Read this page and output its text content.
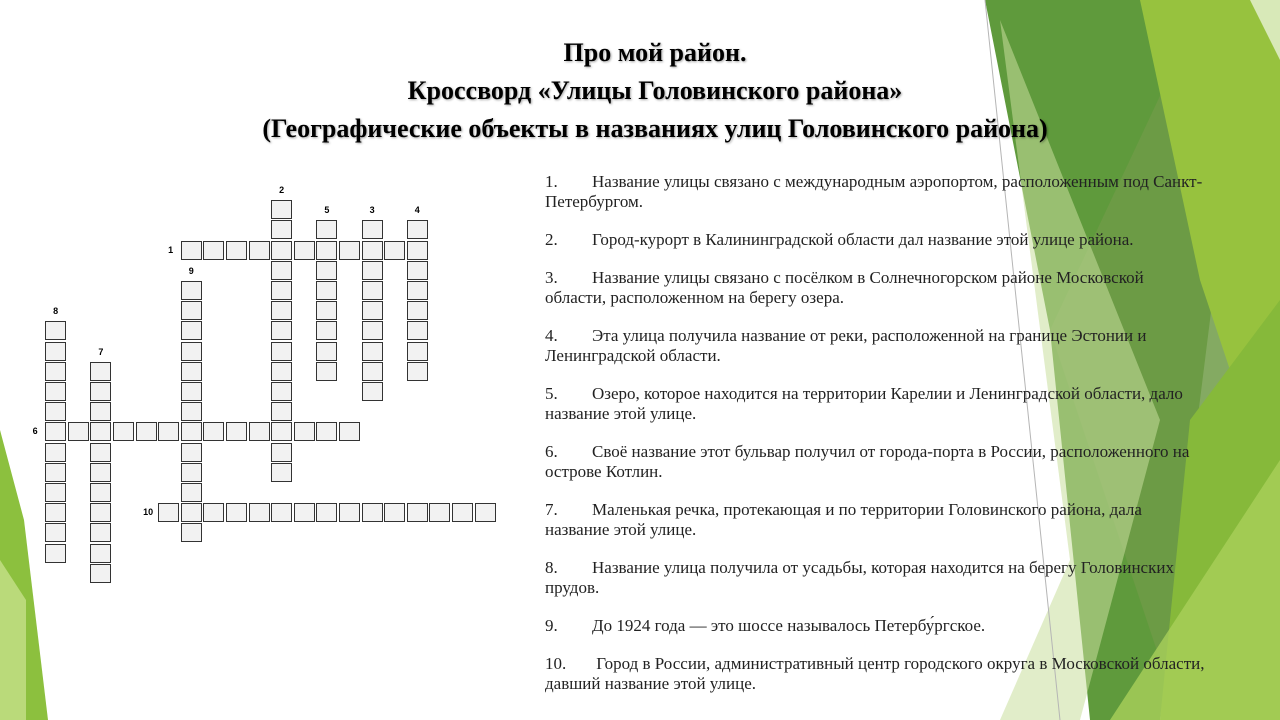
Про мой район.
Кроссворд «Улицы Головинского района»
(Географические объекты в названиях улиц Головинского района)
1
2
3	4
5
6
7
8
9
10
1. Название улицы связано с международным аэропортом, расположенным под Санкт-Петербургом.
2. Город-курорт в Калининградской области дал название этой улице района.
3. Название улицы связано с посёлком в Солнечногорском районе Московской области, расположенном на берегу озера.
4. Эта улица получила название от реки, расположенной на границе Эстонии и Ленинградской области.
5. Озеро, которое находится на территории Карелии и Ленинградской области, дало название этой улице.
6. Своё название этот бульвар получил от города-порта в России, расположенного на острове Котлин.
7. Маленькая речка, протекающая и по территории Головинского района, дала название этой улице.
8. Название улица получила от усадьбы, которая находится на берегу Головинских прудов.
9. До 1924 года — это шоссе называлось Петербу́ргское.
10. Город в России, административный центр городского округа в Московской области, давший название этой улице.
